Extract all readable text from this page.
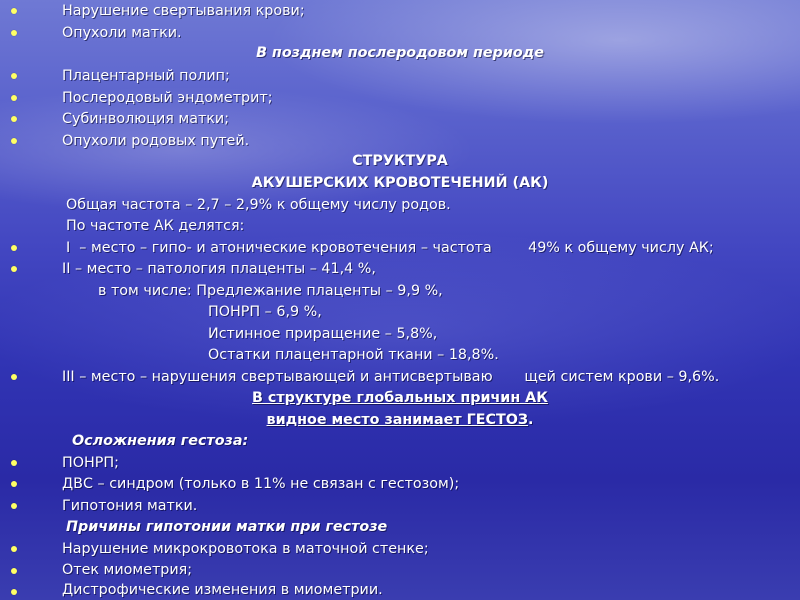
Нарушение свертывания крови;
Опухоли матки.
В позднем послеродовом периоде
Плацентарный полип;
Послеродовый эндометрит;
Субинволюция матки;
Опухоли родовых путей.
СТРУКТУРА
АКУШЕРСКИХ КРОВОТЕЧЕНИЙ (АК)
Общая частота – 2,7 – 2,9% к общему числу родов.
По частоте АК делятся:
I  – место – гипо- и атонические кровотечения – частота        49% к общему числу АК;
II – место – патология плаценты – 41,4 %,
в том числе: Предлежание плаценты – 9,9 %,
ПОНРП – 6,9 %,
Истинное приращение – 5,8%,
Остатки плацентарной ткани – 18,8%.
III – место – нарушения свертывающей и антисвертываю       щей систем крови – 9,6%.
В структуре глобальных причин АК
видное место занимает ГЕСТОЗ.
Осложнения гестоза:
ПОНРП;
ДВС – синдром (только в 11% не связан с гестозом);
Гипотония матки.
Причины гипотонии матки при гестозе
Нарушение микрокровотока в маточной стенке;
Отек миометрия;
Дистрофические изменения в миометрии.
